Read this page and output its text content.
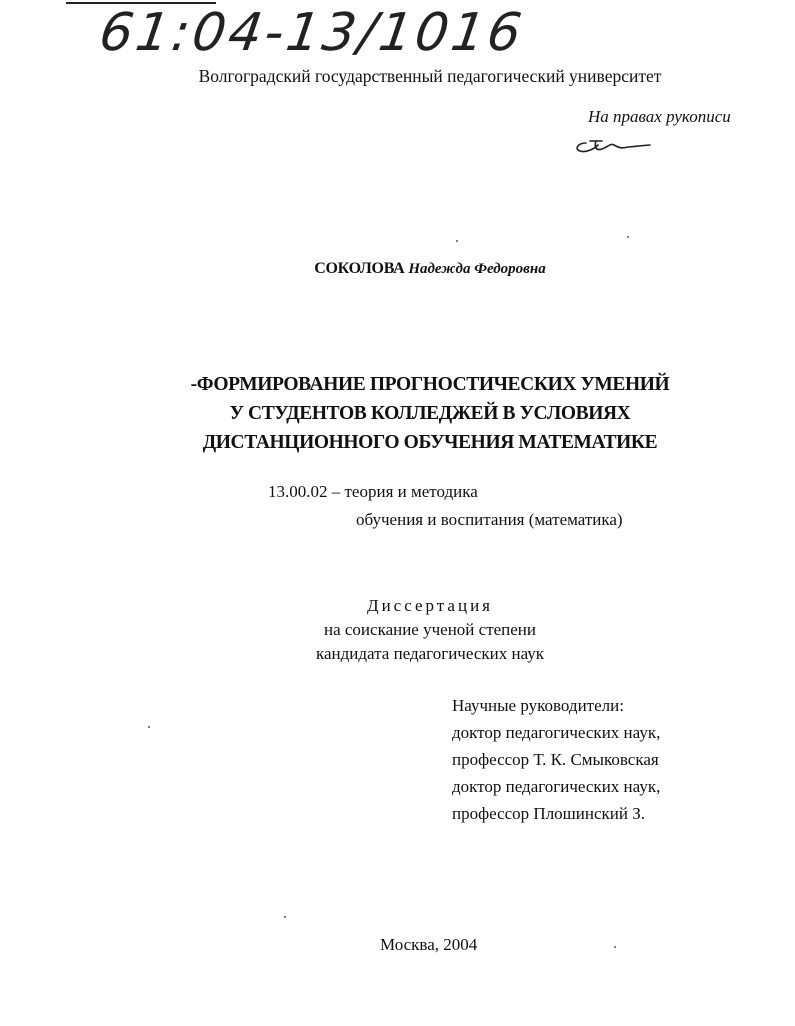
61:04-13/1016
Волгоградский государственный педагогический университет
На правах рукописи
СОКОЛОВА Надежда Федоровна
-ФОРМИРОВАНИЕ ПРОГНОСТИЧЕСКИХ УМЕНИЙ
У СТУДЕНТОВ КОЛЛЕДЖЕЙ В УСЛОВИЯХ
ДИСТАНЦИОННОГО ОБУЧЕНИЯ МАТЕМАТИКЕ
13.00.02 – теория и методика
обучения и воспитания (математика)
Диссертация
на соискание ученой степени
кандидата педагогических наук
Научные руководители:
доктор педагогических наук,
профессор Т. К. Смыковская
доктор педагогических наук,
профессор Плошинский З.
Москва, 2004
